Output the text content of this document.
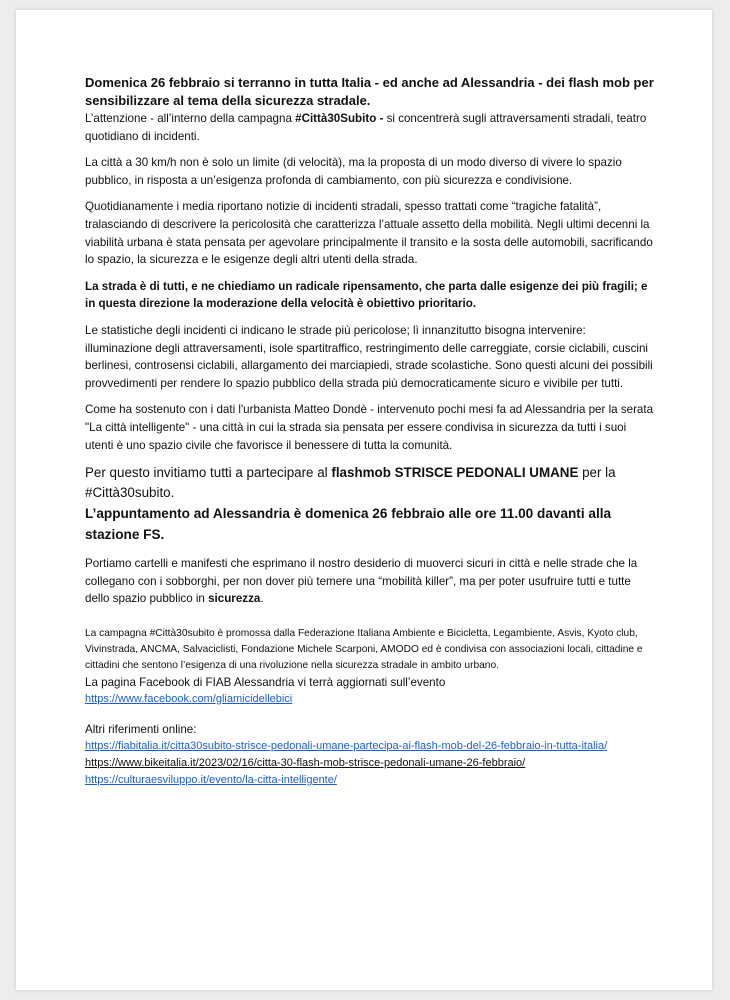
Domenica 26 febbraio si terranno in tutta Italia - ed anche ad Alessandria - dei flash mob per sensibilizzare al tema della sicurezza stradale.

L’attenzione - all’interno della campagna #Città30Subito - si concentrerà sugli attraversamenti stradali, teatro quotidiano di incidenti.

La città a 30 km/h non è solo un limite (di velocità), ma la proposta di un modo diverso di vivere lo spazio pubblico, in risposta a un’esigenza profonda di cambiamento, con più sicurezza e condivisione.

Quotidianamente i media riportano notizie di incidenti stradali, spesso trattati come “tragiche fatalità”, tralasciando di descrivere la pericolosità che caratterizza l’attuale assetto della mobilità. Negli ultimi decenni la viabilità urbana è stata pensata per agevolare principalmente il transito e la sosta delle automobili, sacrificando lo spazio, la sicurezza e le esigenze degli altri utenti della strada.

La strada è di tutti, e ne chiediamo un radicale ripensamento, che parta dalle esigenze dei più fragili; e in questa direzione la moderazione della velocità è obiettivo prioritario.

Le statistiche degli incidenti ci indicano le strade più pericolose; lì innanzitutto bisogna intervenire: illuminazione degli attraversamenti, isole spartitraffico, restringimento delle carreggiate, corsie ciclabili, cuscini berlinesi, controsensi ciclabili, allargamento dei marciapiedi, strade scolastiche. Sono questi alcuni dei possibili provvedimenti per rendere lo spazio pubblico della strada più democraticamente sicuro e vivibile per tutti.

Come ha sostenuto con i dati l'urbanista Matteo Dondè - intervenuto pochi mesi fa ad Alessandria per la serata "La città intelligente" - una città in cui la strada sia pensata per essere condivisa in sicurezza da tutti i suoi utenti è uno spazio civile che favorisce il benessere di tutta la comunità.

Per questo invitiamo tutti a partecipare al flashmob STRISCE PEDONALI UMANE per la #Città30subito.

L’appuntamento ad Alessandria è domenica 26 febbraio alle ore 11.00 davanti alla stazione FS.

Portiamo cartelli e manifesti che esprimano il nostro desiderio di muoverci sicuri in città e nelle strade che la collegano con i sobborghi, per non dover più temere una “mobilità killer”, ma per poter usufruire tutti e tutte dello spazio pubblico in sicurezza.

La campagna #Città30subito è promossa dalla Federazione Italiana Ambiente e Bicicletta, Legambiente, Asvis, Kyoto club, Vivinstrada, ANCMA, Salvaciclisti, Fondazione Michele Scarponi, AMODO ed è condivisa con associazioni locali, cittadine e cittadini che sentono l’esigenza di una rivoluzione nella sicurezza stradale in ambito urbano.

La pagina Facebook di FIAB Alessandria vi terrà aggiornati sull’evento

https://www.facebook.com/gliamicidellebici

Altri riferimenti online:

https://fiabitalia.it/citta30subito-strisce-pedonali-umane-partecipa-ai-flash-mob-del-26-febbraio-in-tutta-italia/
https://www.bikeitalia.it/2023/02/16/citta-30-flash-mob-strisce-pedonali-umane-26-febbraio/
https://culturaesviluppo.it/evento/la-citta-intelligente/
